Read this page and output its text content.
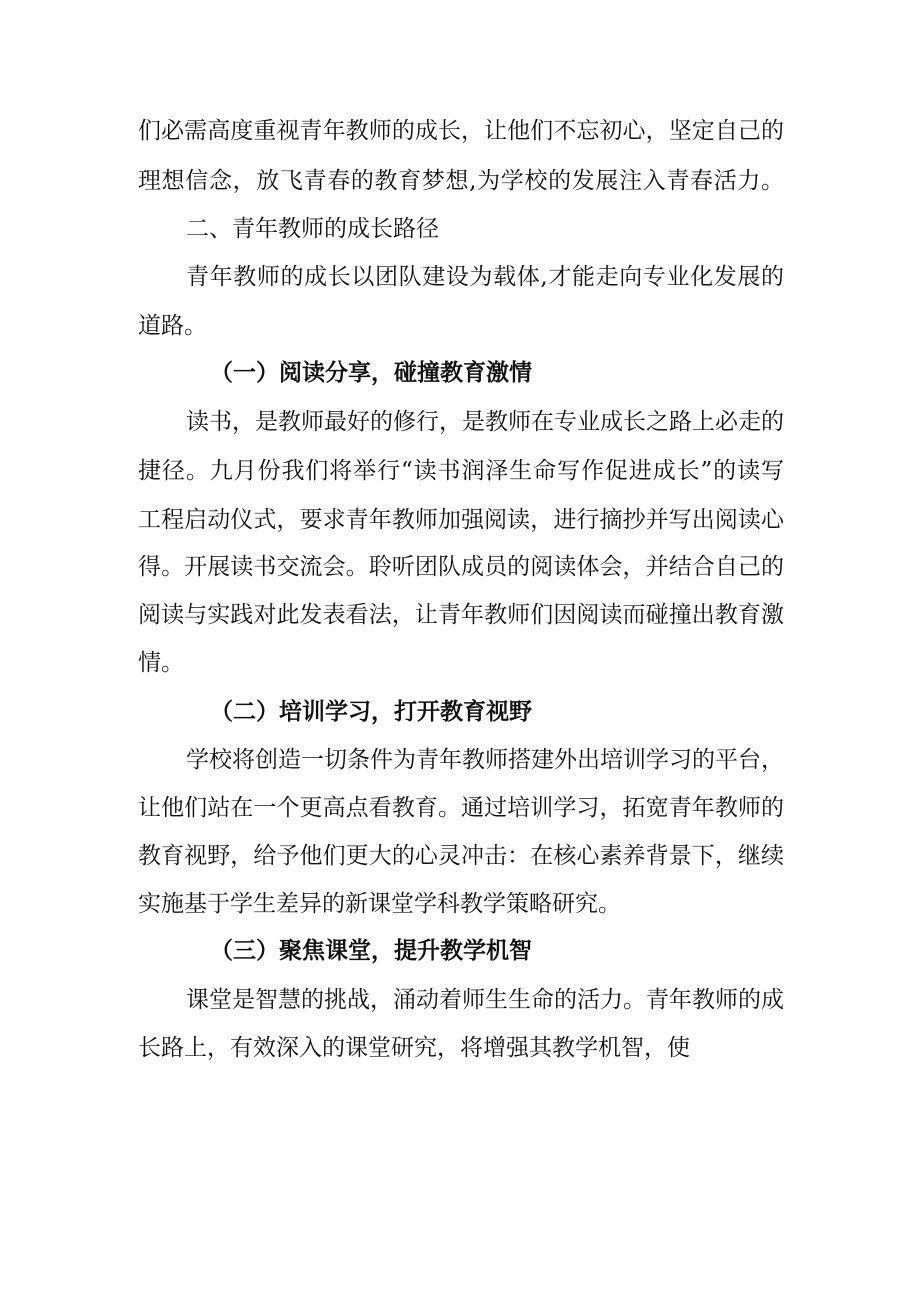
们必需高度重视青年教师的成长，让他们不忘初心，坚定自己的
理想信念，放飞青春的教育梦想,为学校的发展注入青春活力。
二、青年教师的成长路径
青年教师的成长以团队建设为载体,才能走向专业化发展的
道路。
（一）阅读分享，碰撞教育激情
读书，是教师最好的修行，是教师在专业成长之路上必走的
捷径。九月份我们将举行“读书润泽生命写作促进成长”的读写
工程启动仪式，要求青年教师加强阅读，进行摘抄并写出阅读心
得。开展读书交流会。聆听团队成员的阅读体会，并结合自己的
阅读与实践对此发表看法，让青年教师们因阅读而碰撞出教育激
情。
（二）培训学习，打开教育视野
学校将创造一切条件为青年教师搭建外出培训学习的平台，
让他们站在一个更高点看教育。通过培训学习，拓宽青年教师的
教育视野，给予他们更大的心灵冲击：在核心素养背景下，继续
实施基于学生差异的新课堂学科教学策略研究。
（三）聚焦课堂，提升教学机智
课堂是智慧的挑战，涌动着师生生命的活力。青年教师的成
长路上，有效深入的课堂研究，将增强其教学机智，使
